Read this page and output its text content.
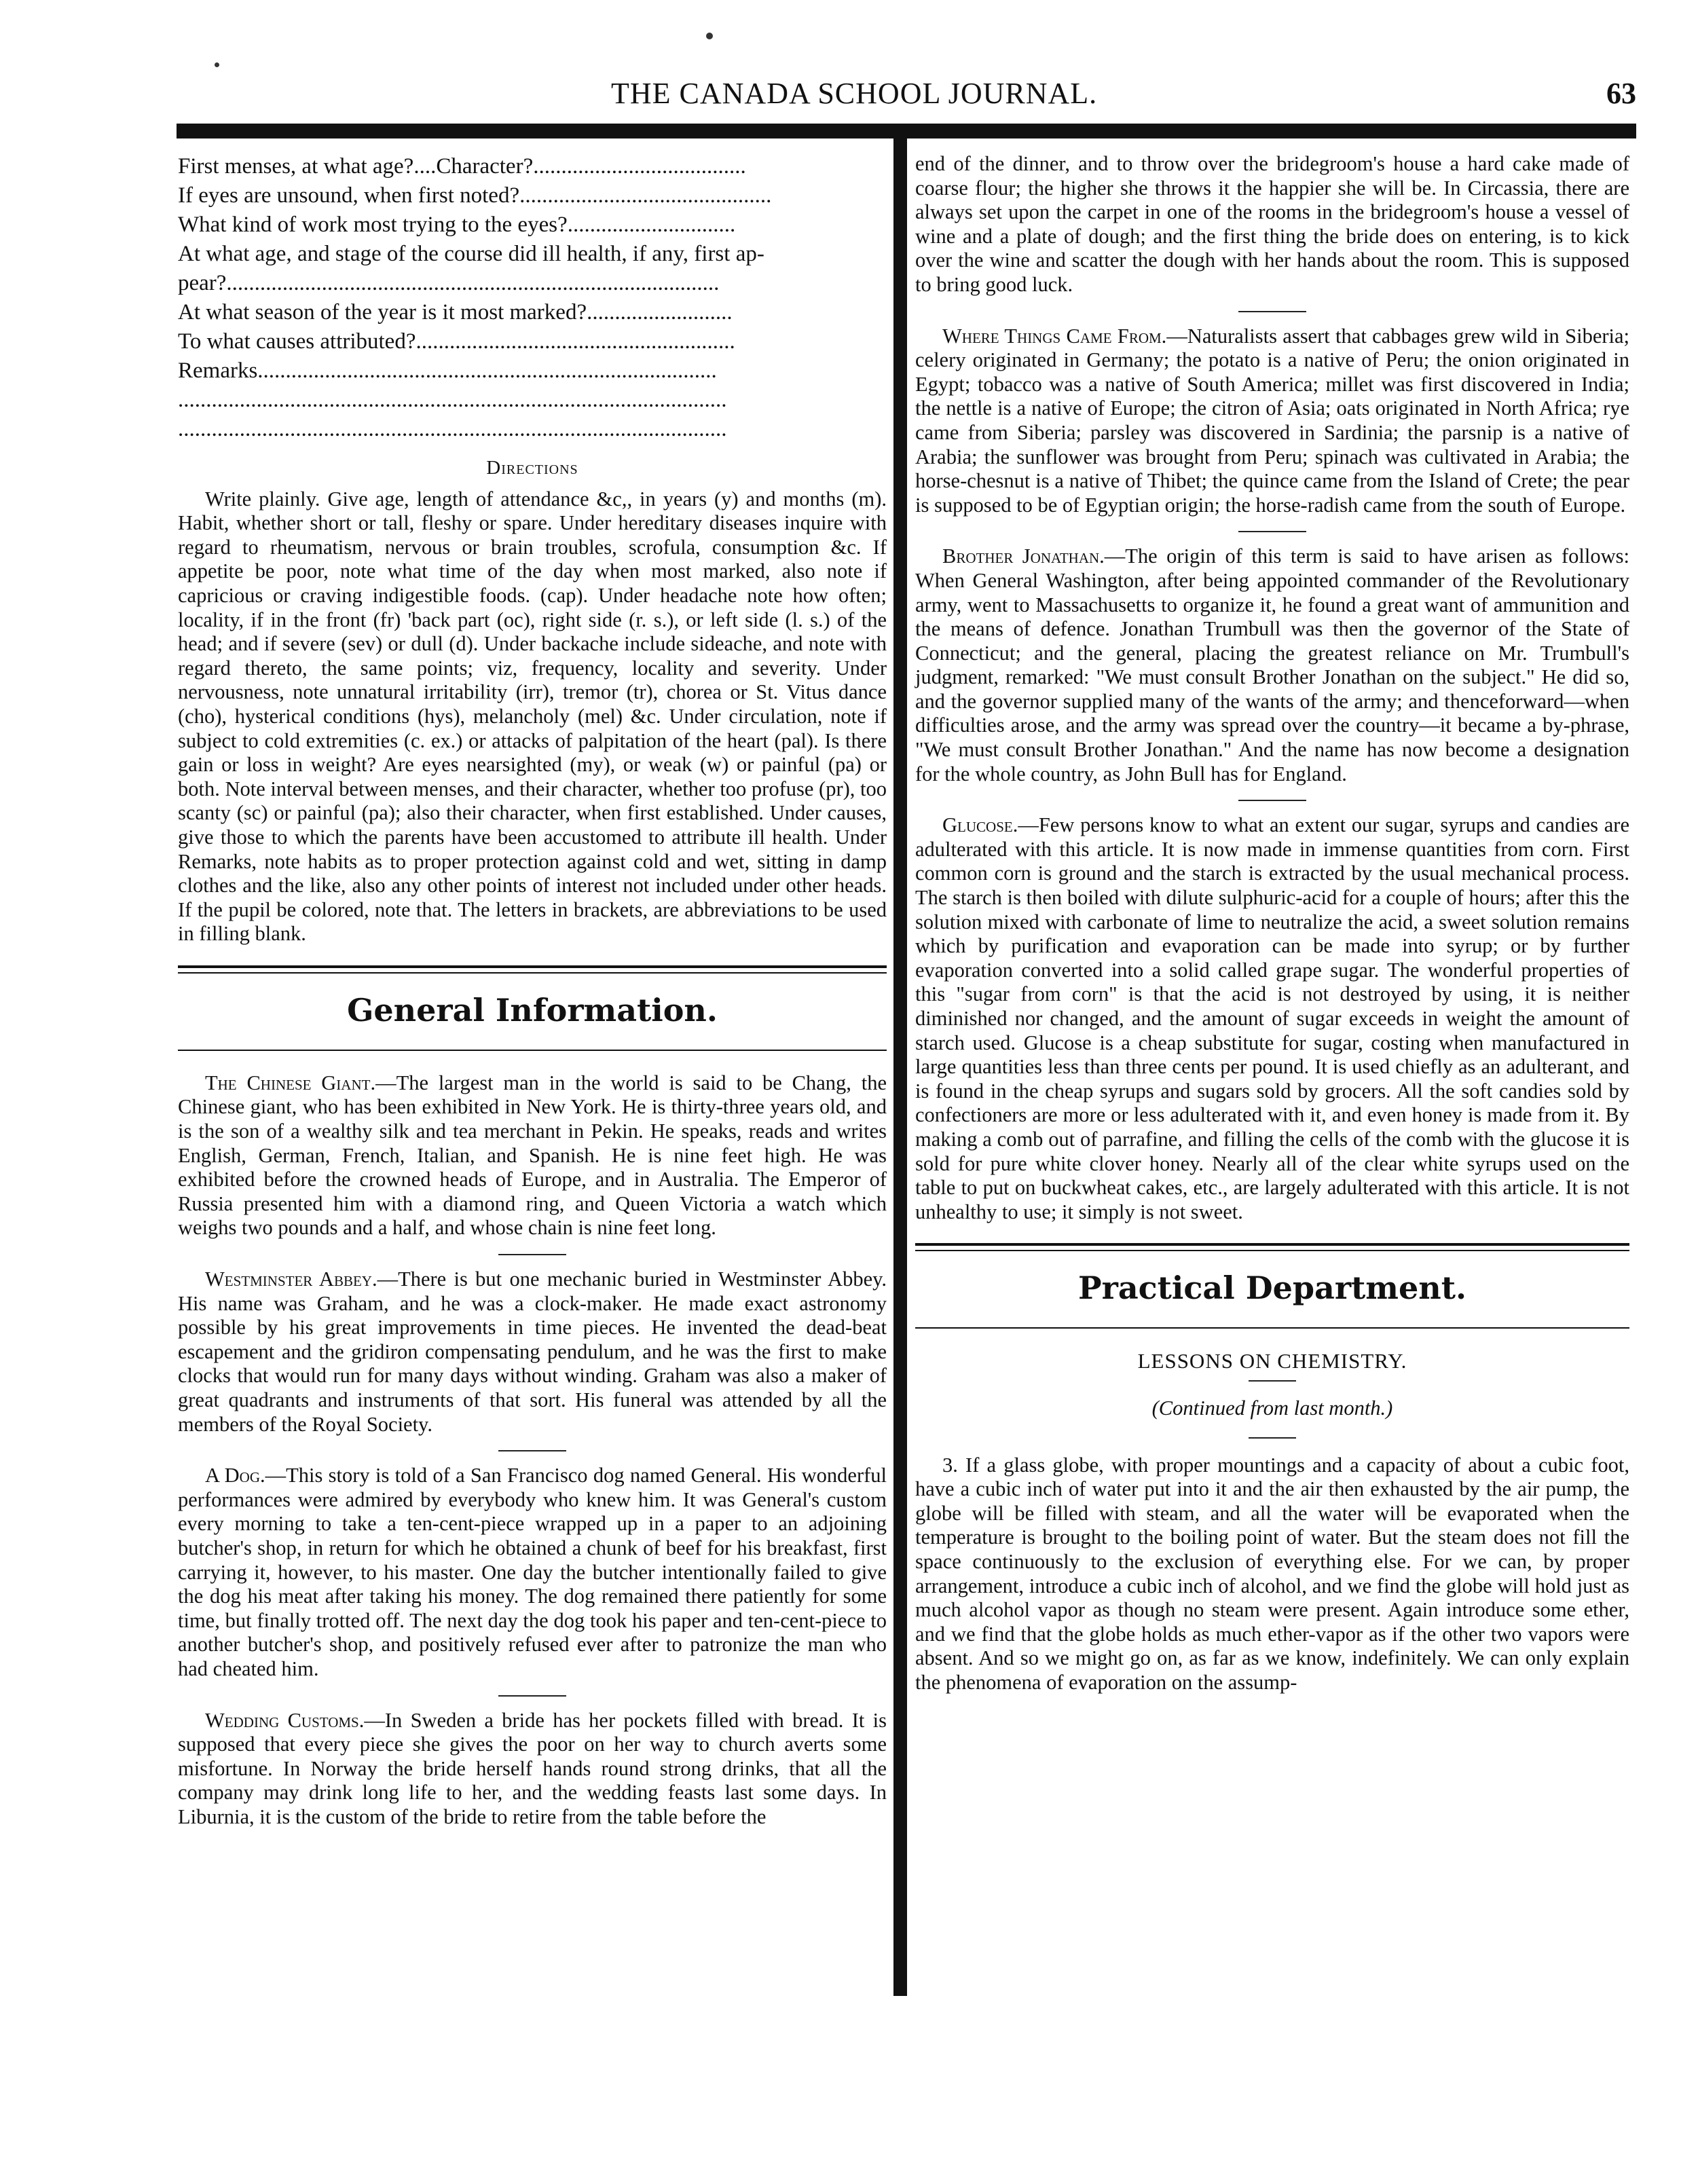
THE CANADA SCHOOL JOURNAL.	63
First menses, at what age?....Character?......................................
If eyes are unsound, when first noted?.............................................
What kind of work most trying to the eyes?..............................
At what age, and stage of the course did ill health, if any, first ap-
pear?........................................................................................
At what season of the year is it most marked?..........................
To what causes attributed?.........................................................
Remarks..................................................................................
..................................................................................................
..................................................................................................
Directions

Write plainly. Give age, length of attendance &c,, in years (y) and months (m). Habit, whether short or tall, fleshy or spare. Under hereditary diseases inquire with regard to rheumatism, nervous or brain troubles, scrofula, consumption &c. If appetite be poor, note what time of the day when most marked, also note if capricious or craving indigestible foods. (cap). Under headache note how often; locality, if in the front (fr) 'back part (oc), right side (r. s.), or left side (l. s.) of the head; and if severe (sev) or dull (d). Under backache include sideache, and note with regard thereto, the same points; viz, frequency, locality and severity. Under nervousness, note unnatural irritability (irr), tremor (tr), chorea or St. Vitus dance (cho), hysterical conditions (hys), melancholy (mel) &c. Under circulation, note if subject to cold extremities (c. ex.) or attacks of palpitation of the heart (pal). Is there gain or loss in weight? Are eyes nearsighted (my), or weak (w) or painful (pa) or both. Note interval between menses, and their character, whether too profuse (pr), too scanty (sc) or painful (pa); also their character, when first established. Under causes, give those to which the parents have been accustomed to attribute ill health. Under Remarks, note habits as to proper protection against cold and wet, sitting in damp clothes and the like, also any other points of interest not included under other heads. If the pupil be colored, note that. The letters in brackets, are abbreviations to be used in filling blank.

General Information.

The Chinese Giant.—The largest man in the world is said to be Chang, the Chinese giant, who has been exhibited in New York. He is thirty-three years old, and is the son of a wealthy silk and tea merchant in Pekin. He speaks, reads and writes English, German, French, Italian, and Spanish. He is nine feet high. He was exhibited before the crowned heads of Europe, and in Australia. The Emperor of Russia presented him with a diamond ring, and Queen Victoria a watch which weighs two pounds and a half, and whose chain is nine feet long.

Westminster Abbey.—There is but one mechanic buried in Westminster Abbey. His name was Graham, and he was a clock-maker. He made exact astronomy possible by his great improvements in time pieces. He invented the dead-beat escapement and the gridiron compensating pendulum, and he was the first to make clocks that would run for many days without winding. Graham was also a maker of great quadrants and instruments of that sort. His funeral was attended by all the members of the Royal Society.

A Dog.—This story is told of a San Francisco dog named General. His wonderful performances were admired by everybody who knew him. It was General's custom every morning to take a ten-cent-piece wrapped up in a paper to an adjoining butcher's shop, in return for which he obtained a chunk of beef for his breakfast, first carrying it, however, to his master. One day the butcher intentionally failed to give the dog his meat after taking his money. The dog remained there patiently for some time, but finally trotted off. The next day the dog took his paper and ten-cent-piece to another butcher's shop, and positively refused ever after to patronize the man who had cheated him.

Wedding Customs.—In Sweden a bride has her pockets filled with bread. It is supposed that every piece she gives the poor on her way to church averts some misfortune. In Norway the bride herself hands round strong drinks, that all the company may drink long life to her, and the wedding feasts last some days. In Liburnia, it is the custom of the bride to retire from the table before the

end of the dinner, and to throw over the bridegroom's house a hard cake made of coarse flour; the higher she throws it the happier she will be. In Circassia, there are always set upon the carpet in one of the rooms in the bridegroom's house a vessel of wine and a plate of dough; and the first thing the bride does on entering, is to kick over the wine and scatter the dough with her hands about the room. This is supposed to bring good luck.

Where Things Came From.—Naturalists assert that cabbages grew wild in Siberia; celery originated in Germany; the potato is a native of Peru; the onion originated in Egypt; tobacco was a native of South America; millet was first discovered in India; the nettle is a native of Europe; the citron of Asia; oats originated in North Africa; rye came from Siberia; parsley was discovered in Sardinia; the parsnip is a native of Arabia; the sunflower was brought from Peru; spinach was cultivated in Arabia; the horse-chesnut is a native of Thibet; the quince came from the Island of Crete; the pear is supposed to be of Egyptian origin; the horse-radish came from the south of Europe.

Brother Jonathan.—The origin of this term is said to have arisen as follows: When General Washington, after being appointed commander of the Revolutionary army, went to Massachusetts to organize it, he found a great want of ammunition and the means of defence. Jonathan Trumbull was then the governor of the State of Connecticut; and the general, placing the greatest reliance on Mr. Trumbull's judgment, remarked: "We must consult Brother Jonathan on the subject." He did so, and the governor supplied many of the wants of the army; and thenceforward—when difficulties arose, and the army was spread over the country—it became a by-phrase, "We must consult Brother Jonathan." And the name has now become a designation for the whole country, as John Bull has for England.

Glucose.—Few persons know to what an extent our sugar, syrups and candies are adulterated with this article. It is now made in immense quantities from corn. First common corn is ground and the starch is extracted by the usual mechanical process. The starch is then boiled with dilute sulphuric-acid for a couple of hours; after this the solution mixed with carbonate of lime to neutralize the acid, a sweet solution remains which by purification and evaporation can be made into syrup; or by further evaporation converted into a solid called grape sugar. The wonderful properties of this "sugar from corn" is that the acid is not destroyed by using, it is neither diminished nor changed, and the amount of sugar exceeds in weight the amount of starch used. Glucose is a cheap substitute for sugar, costing when manufactured in large quantities less than three cents per pound. It is used chiefly as an adulterant, and is found in the cheap syrups and sugars sold by grocers. All the soft candies sold by confectioners are more or less adulterated with it, and even honey is made from it. By making a comb out of parrafine, and filling the cells of the comb with the glucose it is sold for pure white clover honey. Nearly all of the clear white syrups used on the table to put on buckwheat cakes, etc., are largely adulterated with this article. It is not unhealthy to use; it simply is not sweet.

Practical Department.
LESSONS ON CHEMISTRY.
(Continued from last month.)

3. If a glass globe, with proper mountings and a capacity of about a cubic foot, have a cubic inch of water put into it and the air then exhausted by the air pump, the globe will be filled with steam, and all the water will be evaporated when the temperature is brought to the boiling point of water. But the steam does not fill the space continuously to the exclusion of everything else. For we can, by proper arrangement, introduce a cubic inch of alcohol, and we find the globe will hold just as much alcohol vapor as though no steam were present. Again introduce some ether, and we find that the globe holds as much ether-vapor as if the other two vapors were absent. And so we might go on, as far as we know, indefinitely. We can only explain the phenomena of evaporation on the assump-
